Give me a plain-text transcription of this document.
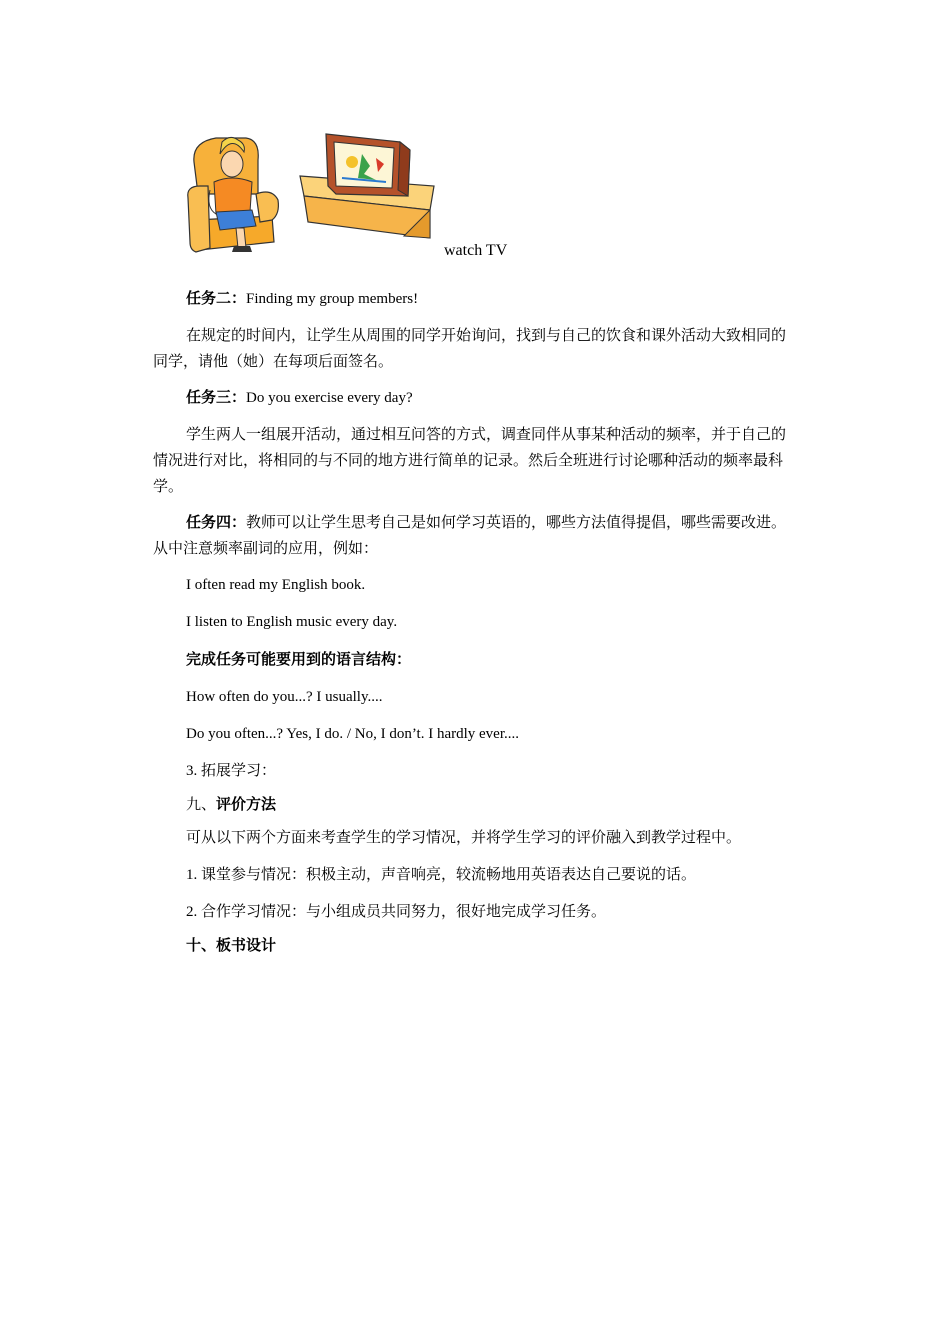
watch TV
任务二：Finding my group members!
在规定的时间内，让学生从周围的同学开始询问，找到与自己的饮食和课外活动大致相同的同学，请他（她）在每项后面签名。
任务三：Do you exercise every day?
学生两人一组展开活动，通过相互问答的方式，调查同伴从事某种活动的频率，并于自己的情况进行对比，将相同的与不同的地方进行简单的记录。然后全班进行讨论哪种活动的频率最科学。
任务四：教师可以让学生思考自己是如何学习英语的，哪些方法值得提倡，哪些需要改进。从中注意频率副词的应用，例如：
I often read my English book.
I listen to English music every day.
完成任务可能要用到的语言结构：
How often do you...? I usually....
Do you often...? Yes, I do. / No, I don’t. I hardly ever....
3. 拓展学习：
九、评价方法
可从以下两个方面来考查学生的学习情况，并将学生学习的评价融入到教学过程中。
1. 课堂参与情况：积极主动，声音响亮，较流畅地用英语表达自己要说的话。
2. 合作学习情况：与小组成员共同努力，很好地完成学习任务。
十、板书设计
